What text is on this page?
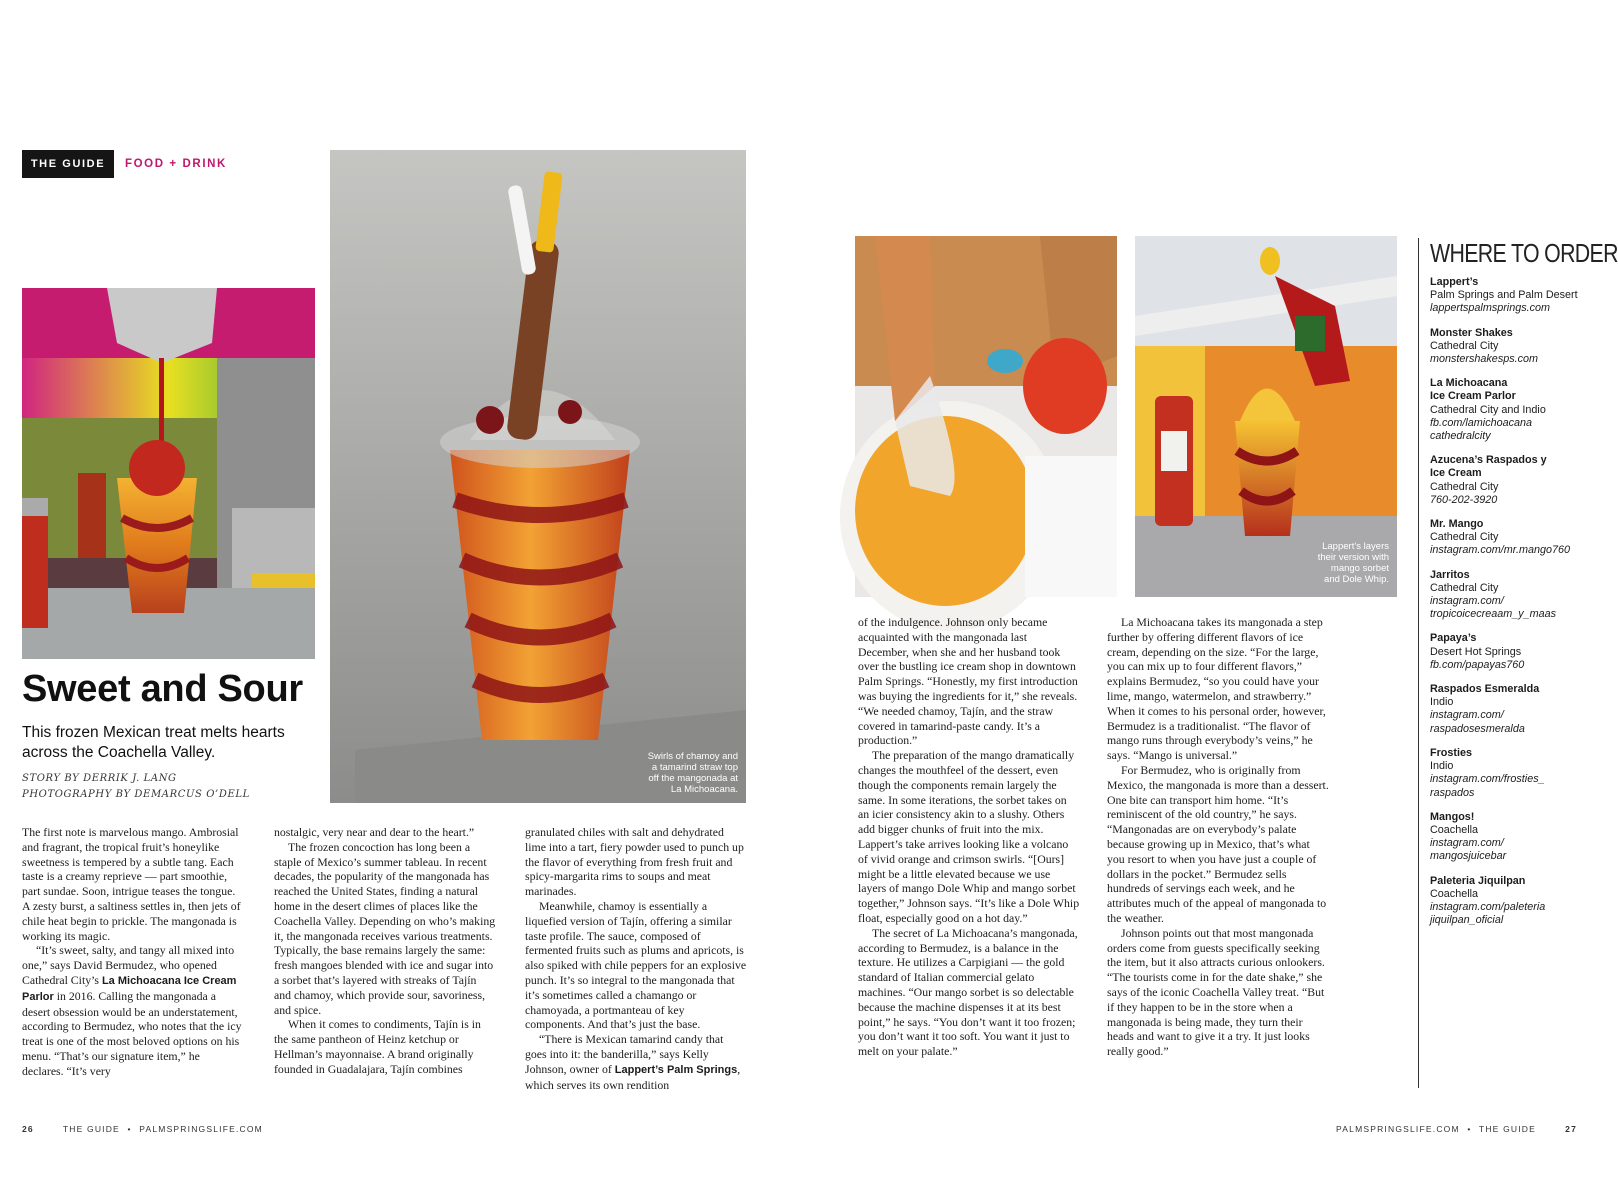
THE GUIDE	FOOD + DRINK
Swirls of chamoy and
a tamarind straw top
off the mangonada at
La Michoacana.
Lappert’s layers
their version with
mango sorbet
and Dole Whip.
Sweet and Sour
This frozen Mexican treat melts hearts across the Coachella Valley.
STORY BY DERRIK J. LANG
PHOTOGRAPHY BY DEMARCUS O’DELL

The first note is marvelous mango. Ambrosial and fragrant, the tropical fruit’s honeylike sweetness is tempered by a subtle tang. Each taste is a creamy reprieve — part smoothie, part sundae. Soon, intrigue teases the tongue. A zesty burst, a saltiness settles in, then jets of chile heat begin to prickle. The mangonada is working its magic.

“It’s sweet, salty, and tangy all mixed into one,” says David Bermudez, who opened Cathedral City’s La Michoacana Ice Cream Parlor in 2016. Calling the mangonada a desert obsession would be an understatement, according to Bermudez, who notes that the icy treat is one of the most beloved options on his menu. “That’s our signature item,” he declares. “It’s very

nostalgic, very near and dear to the heart.”

The frozen concoction has long been a staple of Mexico’s summer tableau. In recent decades, the popularity of the mangonada has reached the United States, finding a natural home in the desert climes of places like the Coachella Valley. Depending on who’s making it, the mangonada receives various treatments. Typically, the base remains largely the same: fresh mangoes blended with ice and sugar into a sorbet that’s layered with streaks of Tajín and chamoy, which provide sour, savoriness, and spice.

When it comes to condiments, Tajín is in the same pantheon of Heinz ketchup or Hellman’s mayonnaise. A brand originally founded in Guadalajara, Tajín combines

granulated chiles with salt and dehydrated lime into a tart, fiery powder used to punch up the flavor of everything from fresh fruit and spicy-margarita rims to soups and meat marinades.

Meanwhile, chamoy is essentially a liquefied version of Tajín, offering a similar taste profile. The sauce, composed of fermented fruits such as plums and apricots, is also spiked with chile peppers for an explosive punch. It’s so integral to the mangonada that it’s sometimes called a chamango or chamoyada, a portmanteau of key components. And that’s just the base.

“There is Mexican tamarind candy that goes into it: the banderilla,” says Kelly Johnson, owner of Lappert’s Palm Springs, which serves its own rendition

of the indulgence. Johnson only became acquainted with the mangonada last December, when she and her husband took over the bustling ice cream shop in downtown Palm Springs. “Honestly, my first introduction was buying the ingredients for it,” she reveals. “We needed chamoy, Tajín, and the straw covered in tamarind-paste candy. It’s a production.”

The preparation of the mango dramatically changes the mouthfeel of the dessert, even though the components remain largely the same. In some iterations, the sorbet takes on an icier consistency akin to a slushy. Others add bigger chunks of fruit into the mix. Lappert’s take arrives looking like a volcano of vivid orange and crimson swirls. “[Ours] might be a little elevated because we use layers of mango Dole Whip and mango sorbet together,” Johnson says. “It’s like a Dole Whip float, especially good on a hot day.”

The secret of La Michoacana’s mangonada, according to Bermudez, is a balance in the texture. He utilizes a Carpigiani — the gold standard of Italian commercial gelato machines. “Our mango sorbet is so delectable because the machine dispenses it at its best point,” he says. “You don’t want it too frozen; you don’t want it too soft. You want it just to melt on your palate.”

La Michoacana takes its mangonada a step further by offering different flavors of ice cream, depending on the size. “For the large, you can mix up to four different flavors,” explains Bermudez, “so you could have your lime, mango, watermelon, and strawberry.” When it comes to his personal order, however, Bermudez is a traditionalist. “The flavor of mango runs through everybody’s veins,” he says. “Mango is universal.”

For Bermudez, who is originally from Mexico, the mangonada is more than a dessert. One bite can transport him home. “It’s reminiscent of the old country,” he says. “Mangonadas are on everybody’s palate because growing up in Mexico, that’s what you resort to when you have just a couple of dollars in the pocket.” Bermudez sells hundreds of servings each week, and he attributes much of the appeal of mangonada to the weather.

Johnson points out that most mangonada orders come from guests specifically seeking the item, but it also attracts curious onlookers. “The tourists come in for the date shake,” she says of the iconic Coachella Valley treat. “But if they happen to be in the store when a mangonada is being made, they turn their heads and want to give it a try. It just looks really good.”

WHERE TO ORDER
Lappert’s
Palm Springs and Palm Desert
lappertspalmsprings.com
Monster Shakes
Cathedral City
monstershakesps.com
La Michoacana
Ice Cream Parlor
Cathedral City and Indio
fb.com/lamichoacana
cathedralcity
Azucena’s Raspados y
Ice Cream
Cathedral City
760-202-3920
Mr. Mango
Cathedral City
instagram.com/mr.mango760
Jarritos
Cathedral City
instagram.com/
tropicoicecreaam_y_maas
Papaya’s
Desert Hot Springs
fb.com/papayas760
Raspados Esmeralda
Indio
instagram.com/
raspadosesmeralda
Frosties
Indio
instagram.com/frosties_
raspados
Mangos!
Coachella
instagram.com/
mangosjuicebar
Paleteria Jiquilpan
Coachella
instagram.com/paleteria
jiquilpan_oficial
26	THE GUIDE • PALMSPRINGSLIFE.COM	PALMSPRINGSLIFE.COM • THE GUIDE	27
